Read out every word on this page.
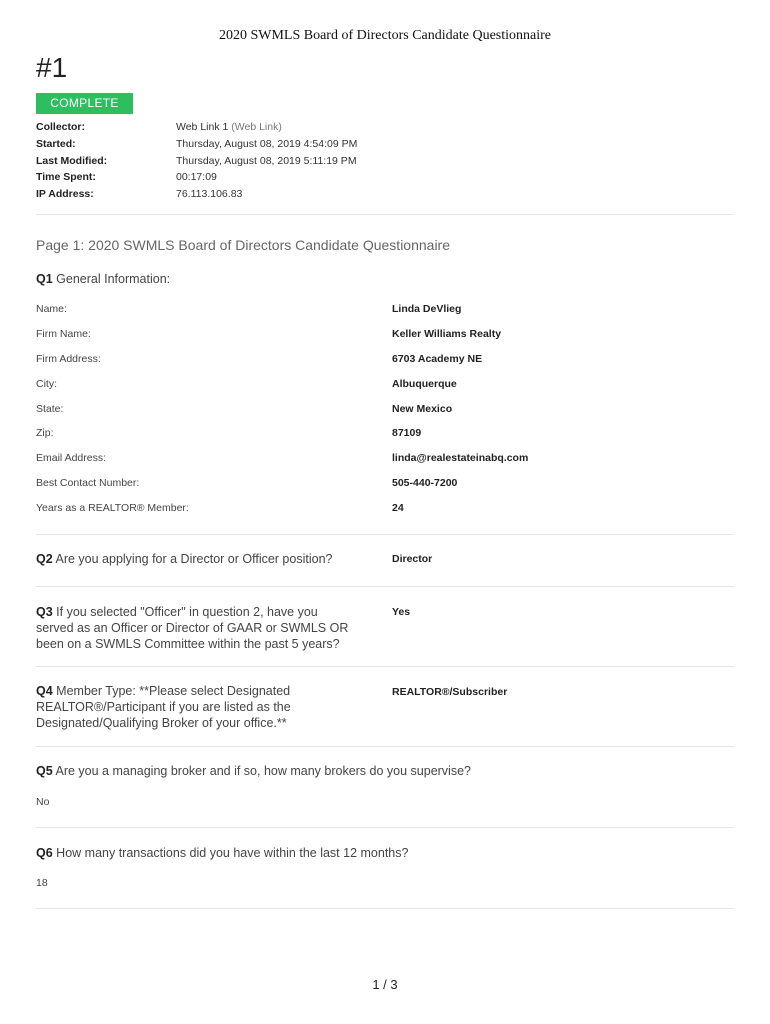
2020 SWMLS Board of Directors Candidate Questionnaire
#1
COMPLETE
Collector:	Web Link 1 (Web Link)
Started:	Thursday, August 08, 2019 4:54:09 PM
Last Modified:	Thursday, August 08, 2019 5:11:19 PM
Time Spent:	00:17:09
IP Address:	76.113.106.83
Page 1: 2020 SWMLS Board of Directors Candidate Questionnaire
Q1 General Information:
Name:	Linda DeVlieg
Firm Name:	Keller Williams Realty
Firm Address:	6703 Academy NE
City:	Albuquerque
State:	New Mexico
Zip:	87109
Email Address:	linda@realestateinabq.com
Best Contact Number:	505-440-7200
Years as a REALTOR® Member:	24
Q2 Are you applying for a Director or Officer position?	Director
Q3 If you selected "Officer" in question 2, have you
served as an Officer or Director of GAAR or SWMLS OR
been on a SWMLS Committee within the past 5 years?
Yes
Q4 Member Type: **Please select Designated
REALTOR®/Participant if you are listed as the
Designated/Qualifying Broker of your office.**
REALTOR®/Subscriber
Q5 Are you a managing broker and if so, how many brokers do you supervise?
No
Q6 How many transactions did you have within the last 12 months?
18
1 / 3
